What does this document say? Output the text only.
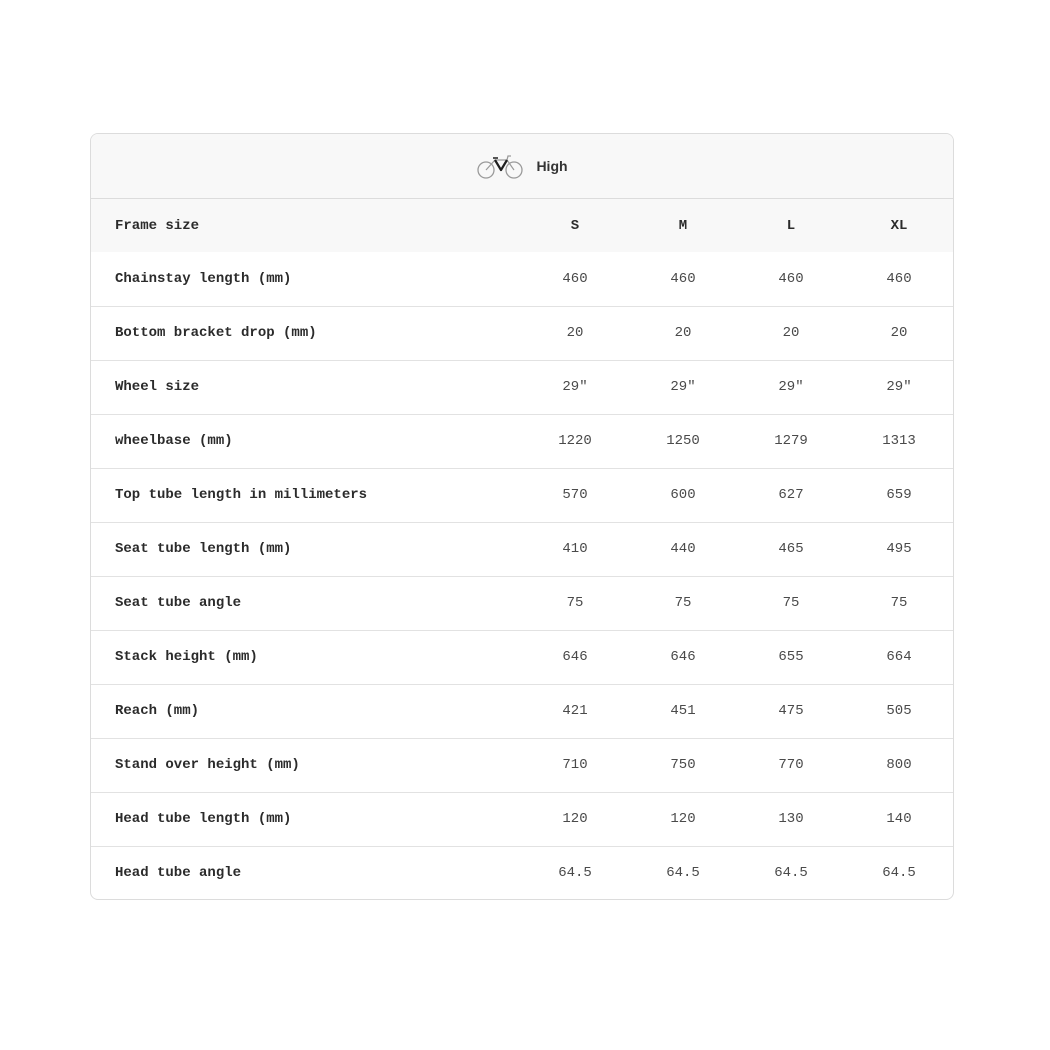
High
Frame size	S	M	L	XL
Chainstay length (mm)	460	460	460	460
Bottom bracket drop (mm)	20	20	20	20
Wheel size	29"	29"	29"	29"
wheelbase (mm)	1220	1250	1279	1313
Top tube length in millimeters	570	600	627	659
Seat tube length (mm)	410	440	465	495
Seat tube angle	75	75	75	75
Stack height (mm)	646	646	655	664
Reach (mm)	421	451	475	505
Stand over height (mm)	710	750	770	800
Head tube length (mm)	120	120	130	140
Head tube angle	64.5	64.5	64.5	64.5
